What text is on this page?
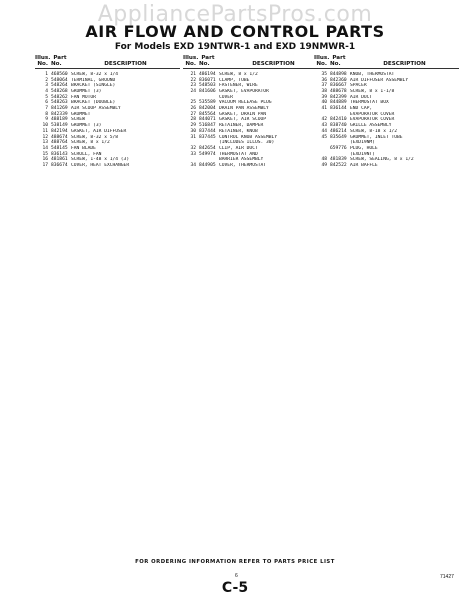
AppliancePartsPros.com
AIR FLOW AND CONTROL PARTS
For Models EXD 19NTWR-1 and EXD 19NMWR-1
Illus. Part
No. No.	DESCRIPTION
1 468560 SCREW, 8-32 x 1/4
2 548064 TERMINAL, GROUND
3 548264 BRACKET (SINGLE)
4 548268 GROMMET (3)
5 548262 FAN MOTOR
6 548263 BRACKET (DOUBLE)
7 841269 AIR SCOOP ASSEMBLY
8 842339 GROMMET
9 488189 SCREW
10 538149 GROMMET (3)
11 842194 GASKET, AIR DIFFUSER
12 488674 SCREW, 8-32 x 5/8
13 488764 SCREW, 8 x 1/2
14 548145 FAN BLADE
15 836143 SCROLL, FAN
16 481861 SCREW, 1-48 x 1/4 (3)
17 836674 COVER, HEAT EXCHANGER
Illus. Part
No. No.	DESCRIPTION
21 486194 SCREW, 8 x 1/2
22 836071 CLAMP, TUBE
23 548503 FASTENER, WIRE
24 841606 GASKET, EVAPORATOR
COVER
25 535589 VACUUM RELEASE PLUG
26 842004 DRAIN PAN ASSEMBLY
27 845564 GASKET, DRAIN PAN
28 844071 GASKET, AIR SCOOP
29 516847 RETAINER, DAMPER
30 837444 RETAINER, KNOB
31 837445 CONTROL KNOB ASSEMBLY
(INCLUDES ILLUS. 30)
32 842654 CLIP, AIR DUCT
33 549974 THERMOSTAT AND
BARRIER ASSEMBLY
34 844905 COVER, THERMOSTAT
Illus. Part
No. No.	DESCRIPTION
35 844898 KNOB, THERMOSTAT
36 842360 AIR DIFFUSER ASSEMBLY
37 836667 SPACER
38 488678 SCREW, 8 x 1-1/8
39 842399 AIR DUCT
40 844889 THERMOSTAT BOX
41 836144 END CAP,
EVAPORATOR COVER
42 842410 EVAPORATOR COVER
43 838740 GRILLE ASSEMBLY
44 486214 SCREW, 8-18 x 1/2
45 835649 GROMMET, INLET TUBE
(EXD19NM)
659776 PLUG, HOLE
(EXD19NT)
48 481839 SCREW, SEALING, 8 x 1/2
49 842522 AIR BAFFLE
FOR ORDERING INFORMATION REFER TO PARTS PRICE LIST
6	71427
C-5
